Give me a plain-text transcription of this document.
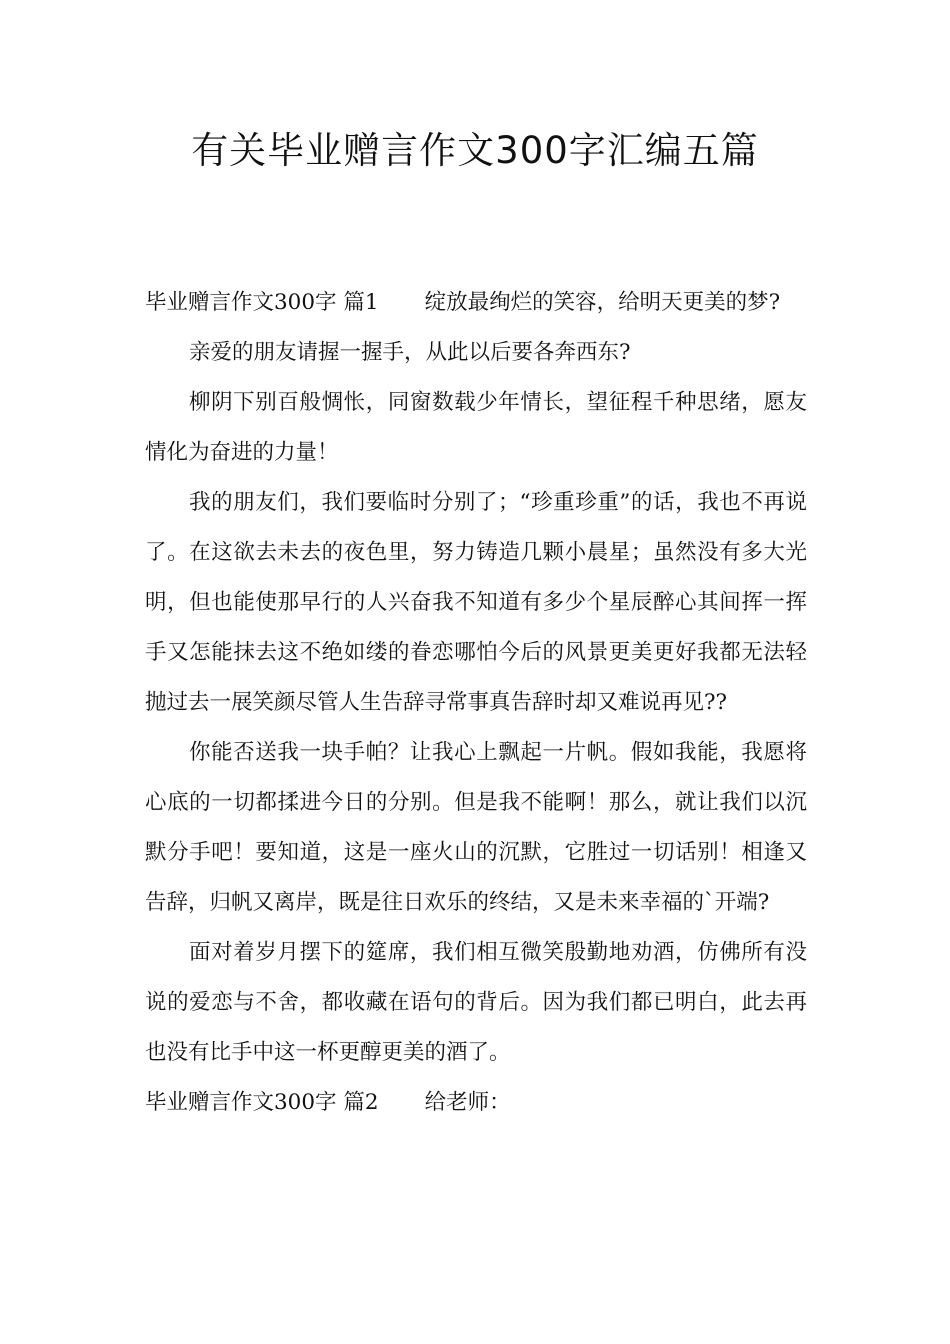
有关毕业赠言作文300字汇编五篇

毕业赠言作文300字 篇1 绽放最绚烂的笑容，给明天更美的梦?

亲爱的朋友请握一握手，从此以后要各奔西东?

柳阴下别百般惆怅，同窗数载少年情长，望征程千种思绪，愿友情化为奋进的力量！

我的朋友们，我们要临时分别了；“珍重珍重”的话，我也不再说了。在这欲去未去的夜色里，努力铸造几颗小晨星；虽然没有多大光明，但也能使那早行的人兴奋我不知道有多少个星辰醉心其间挥一挥手又怎能抹去这不绝如缕的眷恋哪怕今后的风景更美更好我都无法轻抛过去一展笑颜尽管人生告辞寻常事真告辞时却又难说再见??

你能否送我一块手帕？让我心上飘起一片帆。假如我能，我愿将心底的一切都揉进今日的分别。但是我不能啊！那么，就让我们以沉默分手吧！要知道，这是一座火山的沉默，它胜过一切话别！相逢又告辞，归帆又离岸，既是往日欢乐的终结，又是未来幸福的`开端?

面对着岁月摆下的筵席，我们相互微笑殷勤地劝酒，仿佛所有没说的爱恋与不舍，都收藏在语句的背后。因为我们都已明白，此去再也没有比手中这一杯更醇更美的酒了。

毕业赠言作文300字 篇2 给老师：
